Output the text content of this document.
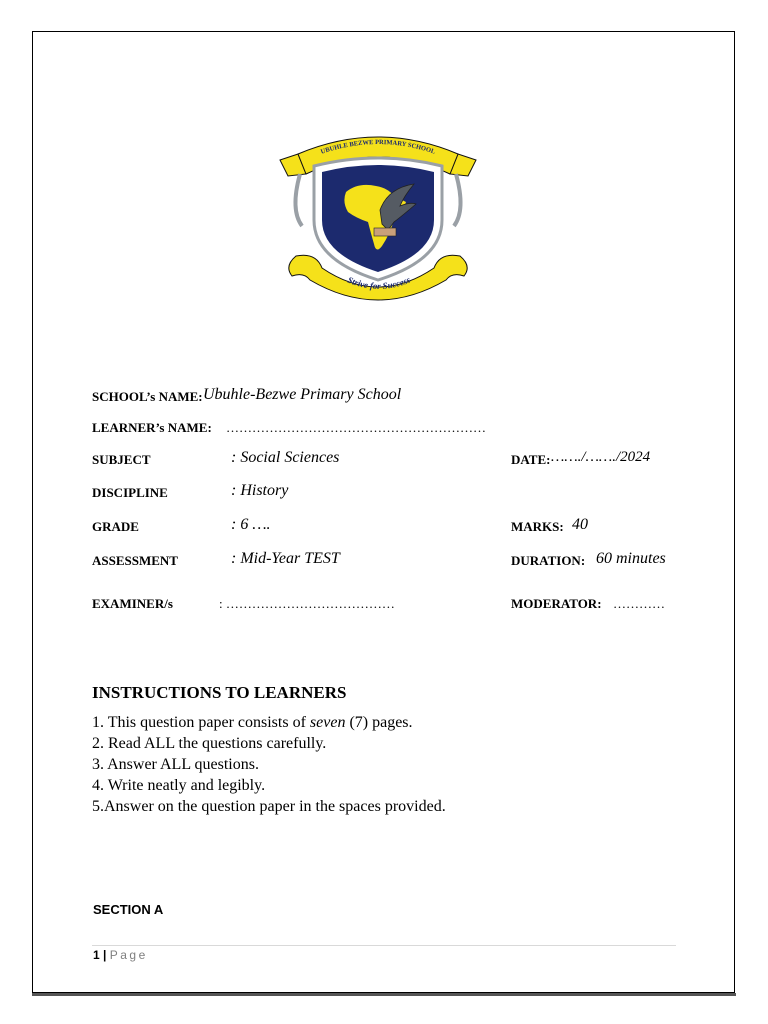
UBUHLE BEZWE PRIMARY SCHOOL
Strive for Success
SCHOOL’s NAME: Ubuhle-Bezwe Primary School
LEARNER’s NAME: ……………………………………………………
SUBJECT	: Social Sciences	DATE: ……./……./2024
DISCIPLINE	: History
GRADE	: 6 ….	MARKS: 40
ASSESSMENT	: Mid-Year TEST	DURATION: 60 minutes
EXAMINER/s	: …………………………………	MODERATOR: …………
INSTRUCTIONS TO LEARNERS
1. This question paper consists of seven (7) pages.
2. Read ALL the questions carefully.
3. Answer ALL questions.
4. Write neatly and legibly.
5.Answer on the question paper in the spaces provided.
SECTION A
1 | Page
